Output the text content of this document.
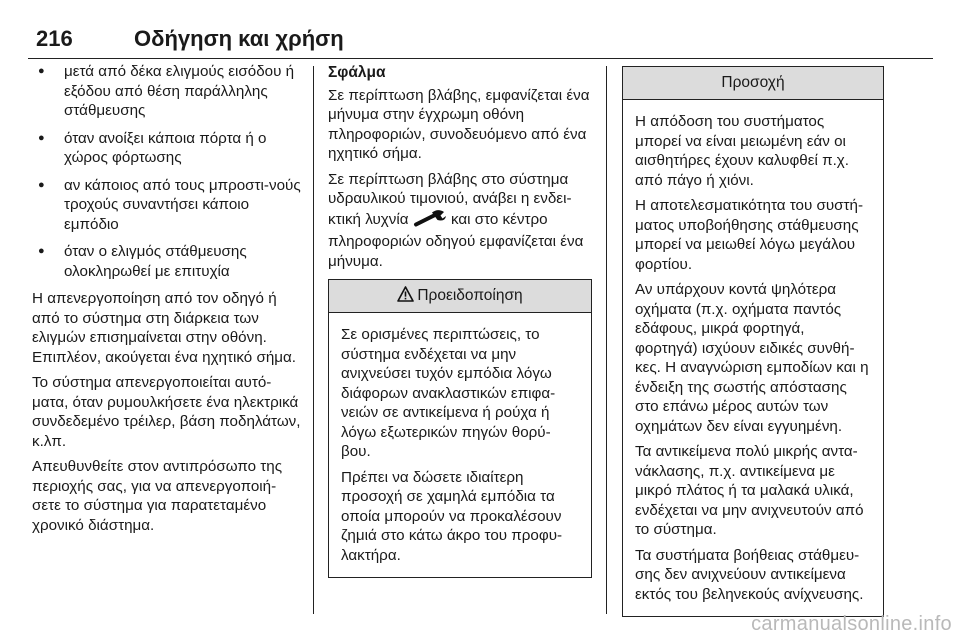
216	Οδήγηση και χρήση
● μετά από δέκα ελιγμούς εισόδου ή εξόδου από θέση παράλληλης στάθμευσης
● όταν ανοίξει κάποια πόρτα ή ο χώρος φόρτωσης
● αν κάποιος από τους μπροστι-νούς τροχούς συναντήσει κάποιο εμπόδιο
● όταν ο ελιγμός στάθμευσης ολοκληρωθεί με επιτυχία

Η απενεργοποίηση από τον οδηγό ή από το σύστημα στη διάρκεια των ελιγμών επισημαίνεται στην οθόνη. Επιπλέον, ακούγεται ένα ηχητικό σήμα.

Το σύστημα απενεργοποιείται αυτό-ματα, όταν ρυμουλκήσετε ένα ηλεκτρικά συνδεδεμένο τρέιλερ, βάση ποδηλάτων, κ.λπ.

Απευθυνθείτε στον αντιπρόσωπο της περιοχής σας, για να απενεργοποιή-σετε το σύστημα για παρατεταμένο χρονικό διάστημα.

Σφάλμα

Σε περίπτωση βλάβης, εμφανίζεται ένα μήνυμα στην έγχρωμη οθόνη πληροφοριών, συνοδευόμενο από ένα ηχητικό σήμα.

Σε περίπτωση βλάβης στο σύστημα υδραυλικού τιμονιού, ανάβει η ενδει-κτική λυχνία	και στο κέντρο πληροφοριών οδηγού εμφανίζεται ένα μήνυμα.

Προειδοποίηση

Σε ορισμένες περιπτώσεις, το σύστημα ενδέχεται να μην ανιχνεύσει τυχόν εμπόδια λόγω διάφορων ανακλαστικών επιφα-νειών σε αντικείμενα ή ρούχα ή λόγω εξωτερικών πηγών θορύ-βου.

Πρέπει να δώσετε ιδιαίτερη προσοχή σε χαμηλά εμπόδια τα οποία μπορούν να προκαλέσουν ζημιά στο κάτω άκρο του προφυ-λακτήρα.

Προσοχή

Η απόδοση του συστήματος μπορεί να είναι μειωμένη εάν οι αισθητήρες έχουν καλυφθεί π.χ. από πάγο ή χιόνι.

Η αποτελεσματικότητα του συστή-ματος υποβοήθησης στάθμευσης μπορεί να μειωθεί λόγω μεγάλου φορτίου.

Αν υπάρχουν κοντά ψηλότερα οχήματα (π.χ. οχήματα παντός εδάφους, μικρά φορτηγά, φορτηγά) ισχύουν ειδικές συνθή-κες. Η αναγνώριση εμποδίων και η ένδειξη της σωστής απόστασης στο επάνω μέρος αυτών των οχημάτων δεν είναι εγγυημένη.

Τα αντικείμενα πολύ μικρής αντα-νάκλασης, π.χ. αντικείμενα με μικρό πλάτος ή τα μαλακά υλικά, ενδέχεται να μην ανιχνευτούν από το σύστημα.

Τα συστήματα βοήθειας στάθμευ-σης δεν ανιχνεύουν αντικείμενα εκτός του βεληνεκούς ανίχνευσης.

carmanualsonline.info
